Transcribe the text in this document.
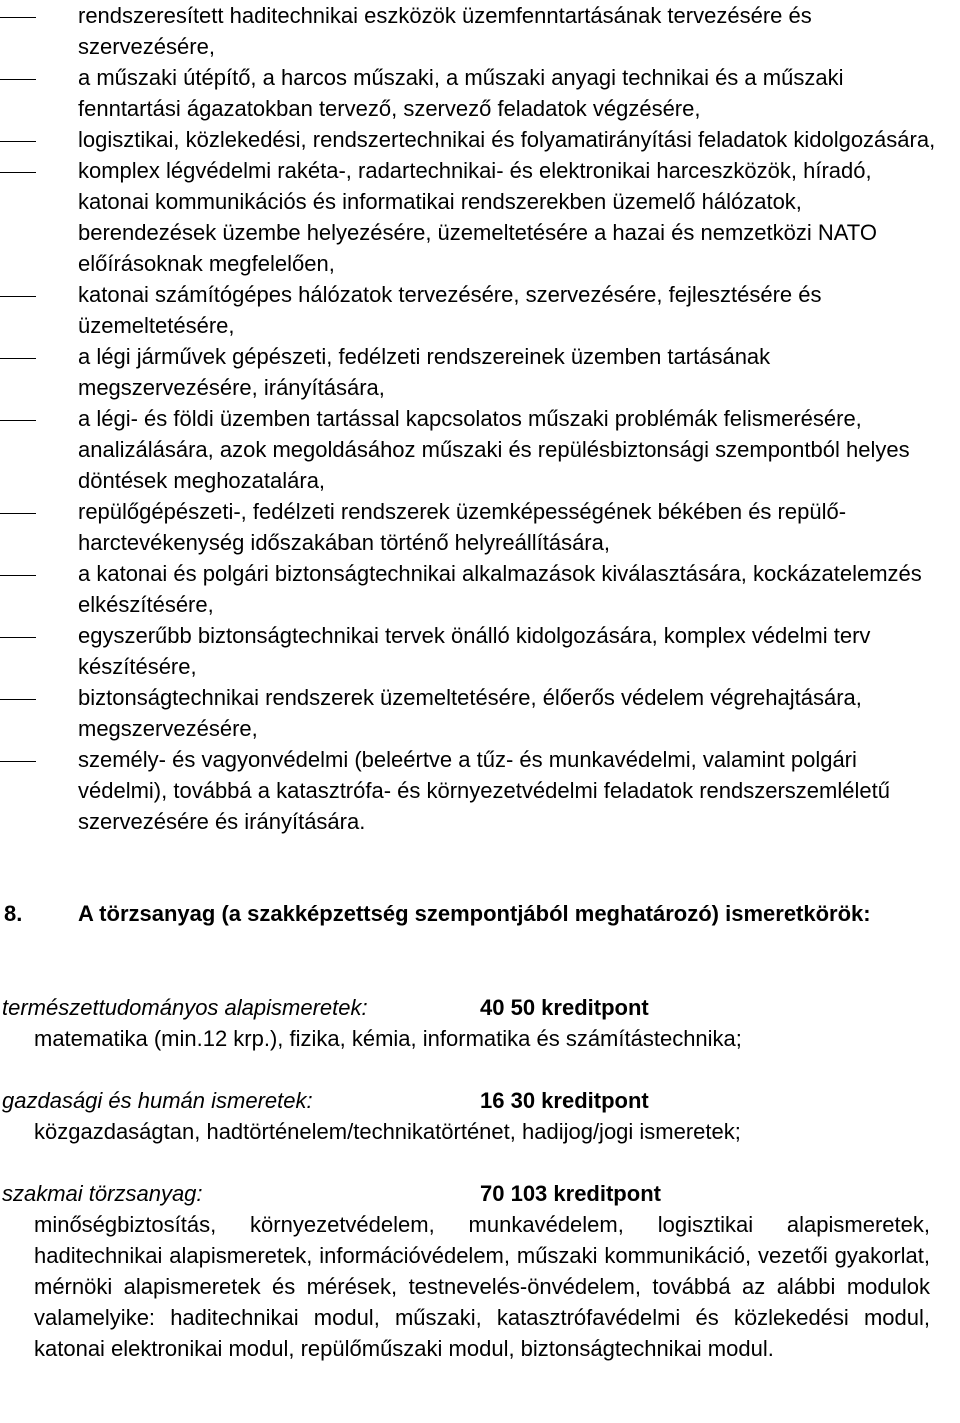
rendszeresített haditechnikai eszközök üzemfenntartásának tervezésére és szervezésére,
a műszaki útépítő, a harcos műszaki, a műszaki anyagi technikai és a műszaki fenntartási ágazatokban tervező, szervező feladatok végzésére,
logisztikai, közlekedési, rendszertechnikai és folyamatirányítási feladatok kidolgozására,
komplex légvédelmi rakéta-, radartechnikai- és elektronikai harceszközök, híradó, katonai kommunikációs és informatikai rendszerekben üzemelő hálózatok, berendezések üzembe helyezésére, üzemeltetésére a hazai és nemzetközi NATO előírásoknak megfelelően,
katonai számítógépes hálózatok tervezésére, szervezésére, fejlesztésére és üzemeltetésére,
a légi járművek gépészeti, fedélzeti rendszereinek üzemben tartásának megszervezésére, irányítására,
a légi- és földi üzemben tartással kapcsolatos műszaki problémák felismerésére, analizálására, azok megoldásához műszaki és repülésbiztonsági szempontból helyes döntések meghozatalára,
repülőgépészeti-, fedélzeti rendszerek üzemképességének békében és repülő-harctevékenység időszakában történő helyreállítására,
a katonai és polgári biztonságtechnikai alkalmazások kiválasztására, kockázatelemzés elkészítésére,
egyszerűbb biztonságtechnikai tervek önálló kidolgozására, komplex védelmi terv készítésére,
biztonságtechnikai rendszerek üzemeltetésére, élőerős védelem végrehajtására, megszervezésére,
személy- és vagyonvédelmi (beleértve a tűz- és munkavédelmi, valamint polgári védelmi), továbbá a katasztrófa- és környezetvédelmi feladatok rendszerszemléletű szervezésére és irányítására.
8.	A törzsanyag (a szakképzettség szempontjából meghatározó) ismeretkörök:
természettudományos alapismeretek:	40 50 kreditpont
matematika (min.12 krp.), fizika, kémia, informatika és számítástechnika;
gazdasági és humán ismeretek:	16 30 kreditpont
közgazdaságtan, hadtörténelem/technikatörténet, hadijog/jogi ismeretek;
szakmai törzsanyag:	70 103 kreditpont
minőségbiztosítás, környezetvédelem, munkavédelem, logisztikai alapismeretek, haditechnikai alapismeretek, információvédelem, műszaki kommunikáció, vezetői gyakorlat, mérnöki alapismeretek és mérések, testnevelés-önvédelem, továbbá az alábbi modulok valamelyike: haditechnikai modul, műszaki, katasztrófavédelmi és közlekedési modul, katonai elektronikai modul, repülőműszaki modul, biztonságtechnikai modul.
